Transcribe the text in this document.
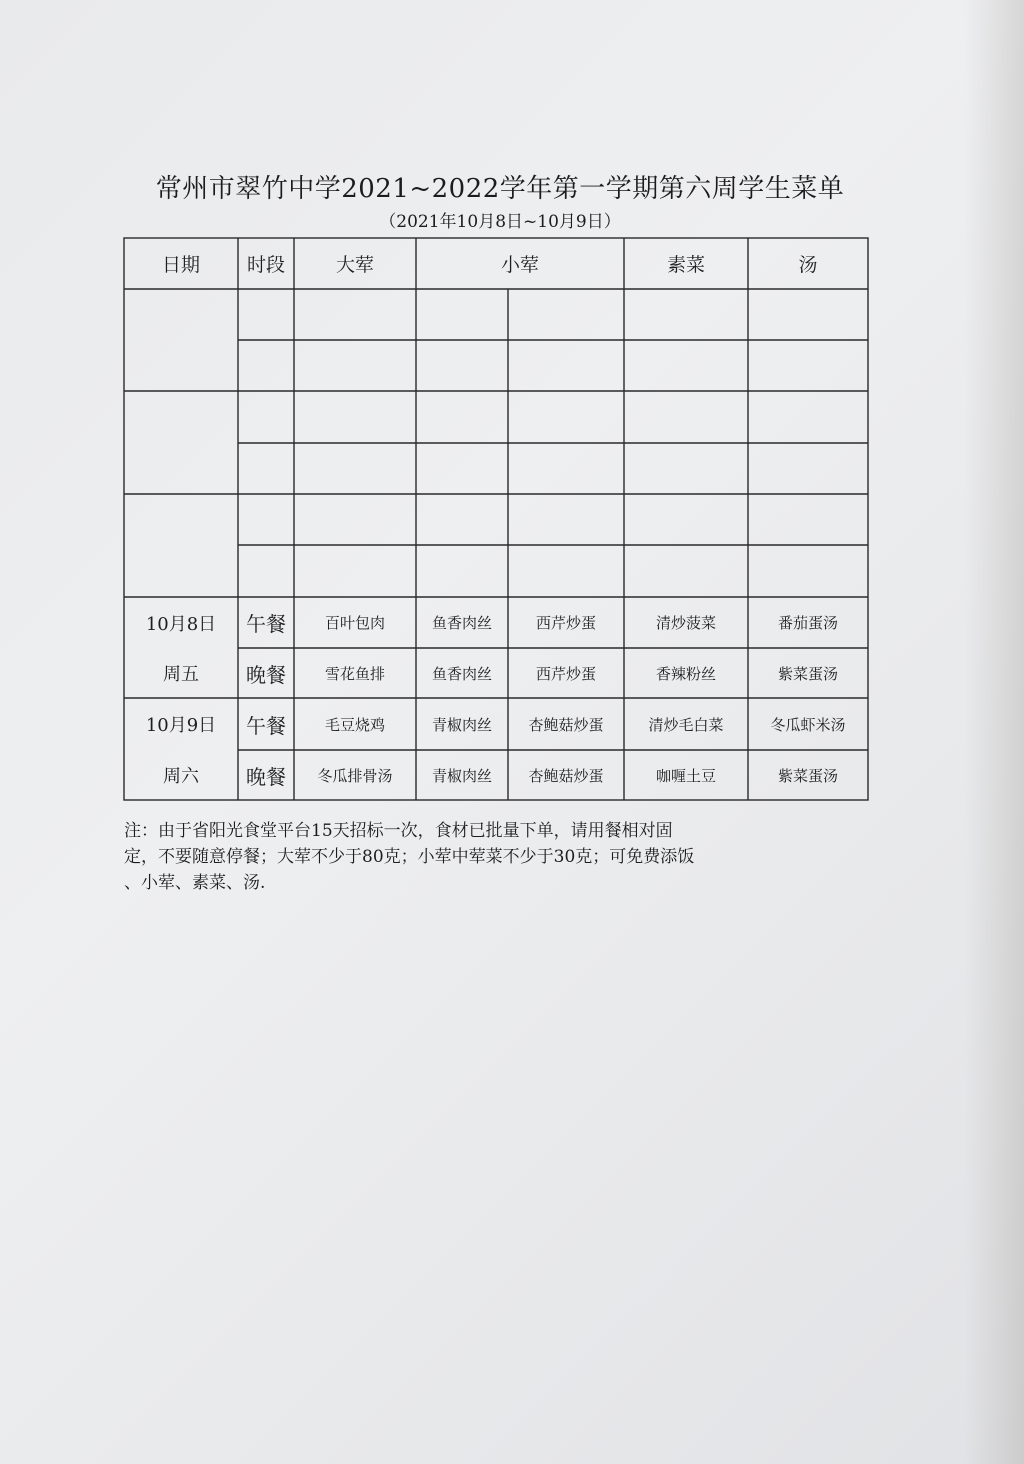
常州市翠竹中学2021~2022学年第一学期第六周学生菜单
（2021年10月8日~10月9日）
日期	时段	大荤	小荤	素菜	汤
10月8日
周五
午餐	百叶包肉	鱼香肉丝	西芹炒蛋	清炒菠菜	番茄蛋汤
晚餐	雪花鱼排	鱼香肉丝	西芹炒蛋	香辣粉丝	紫菜蛋汤
10月9日
周六
午餐	毛豆烧鸡	青椒肉丝	杏鲍菇炒蛋	清炒毛白菜	冬瓜虾米汤
晚餐	冬瓜排骨汤	青椒肉丝	杏鲍菇炒蛋	咖喱土豆	紫菜蛋汤
注：由于省阳光食堂平台15天招标一次，食材已批量下单，请用餐相对固
定，不要随意停餐；大荤不少于80克；小荤中荤菜不少于30克；可免费添饭
、小荤、素菜、汤.
